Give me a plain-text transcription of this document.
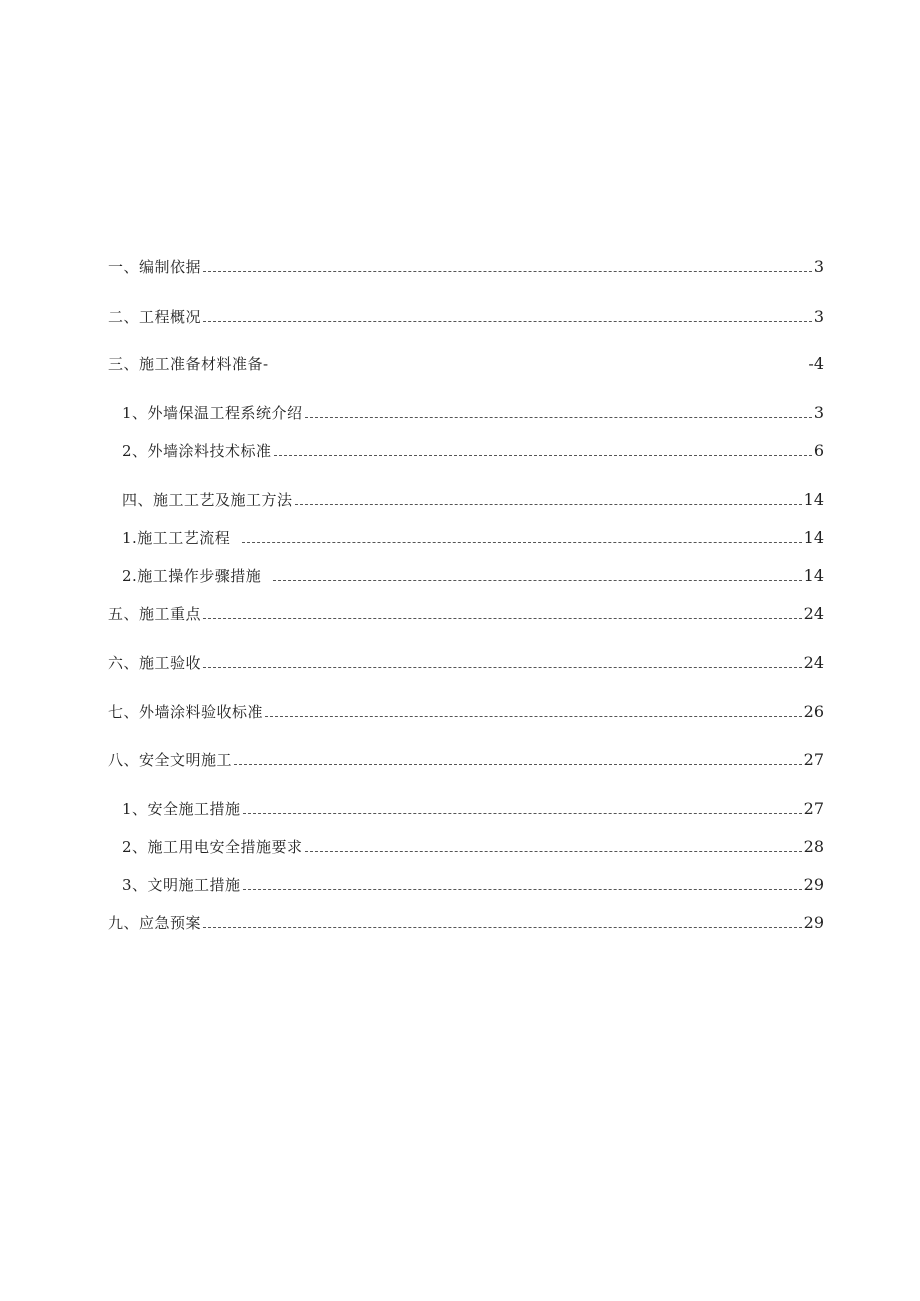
一、编制依据	3
二、工程概况	3
三、施工准备材料准备-	-4
1、外墙保温工程系统介绍	3
2、外墙涂料技术标准	6
四、施工工艺及施工方法	14
1.施工工艺流程	14
2.施工操作步骤措施	14
五、施工重点	24
六、施工验收	24
七、外墙涂料验收标准	26
八、安全文明施工	27
1、安全施工措施	27
2、施工用电安全措施要求	28
3、文明施工措施	29
九、应急预案	29
